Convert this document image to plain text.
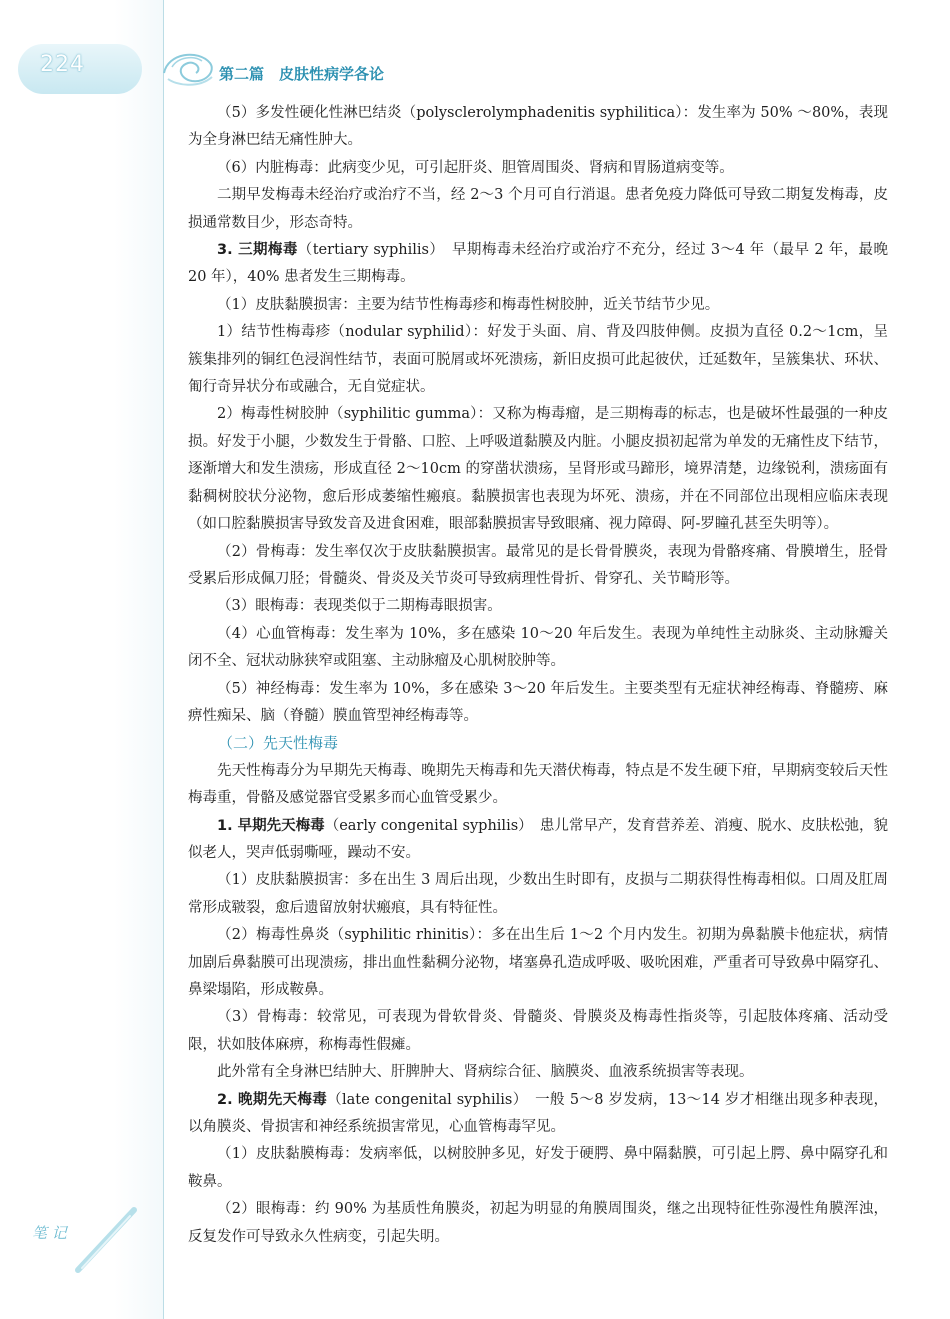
224	第二篇　皮肤性病学各论

（5）多发性硬化性淋巴结炎（polysclerolymphadenitis syphilitica）：发生率为 50% ～80%，表现为全身淋巴结无痛性肿大。

（6）内脏梅毒：此病变少见，可引起肝炎、胆管周围炎、肾病和胃肠道病变等。

二期早发梅毒未经治疗或治疗不当，经 2～3 个月可自行消退。患者免疫力降低可导致二期复发梅毒，皮损通常数目少，形态奇特。

3. 三期梅毒（tertiary syphilis）　早期梅毒未经治疗或治疗不充分，经过 3～4 年（最早 2 年，最晚 20 年），40% 患者发生三期梅毒。

（1）皮肤黏膜损害：主要为结节性梅毒疹和梅毒性树胶肿，近关节结节少见。

1）结节性梅毒疹（nodular syphilid）：好发于头面、肩、背及四肢伸侧。皮损为直径 0.2～1cm，呈簇集排列的铜红色浸润性结节，表面可脱屑或坏死溃疡，新旧皮损可此起彼伏，迁延数年，呈簇集状、环状、匍行奇异状分布或融合，无自觉症状。

2）梅毒性树胶肿（syphilitic gumma）：又称为梅毒瘤，是三期梅毒的标志，也是破坏性最强的一种皮损。好发于小腿，少数发生于骨骼、口腔、上呼吸道黏膜及内脏。小腿皮损初起常为单发的无痛性皮下结节，逐渐增大和发生溃疡，形成直径 2～10cm 的穿凿状溃疡，呈肾形或马蹄形，境界清楚，边缘锐利，溃疡面有黏稠树胶状分泌物，愈后形成萎缩性瘢痕。黏膜损害也表现为坏死、溃疡，并在不同部位出现相应临床表现（如口腔黏膜损害导致发音及进食困难，眼部黏膜损害导致眼痛、视力障碍、阿-罗瞳孔甚至失明等）。

（2）骨梅毒：发生率仅次于皮肤黏膜损害。最常见的是长骨骨膜炎，表现为骨骼疼痛、骨膜增生，胫骨受累后形成佩刀胫；骨髓炎、骨炎及关节炎可导致病理性骨折、骨穿孔、关节畸形等。

（3）眼梅毒：表现类似于二期梅毒眼损害。

（4）心血管梅毒：发生率为 10%，多在感染 10～20 年后发生。表现为单纯性主动脉炎、主动脉瓣关闭不全、冠状动脉狭窄或阻塞、主动脉瘤及心肌树胶肿等。

（5）神经梅毒：发生率为 10%，多在感染 3～20 年后发生。主要类型有无症状神经梅毒、脊髓痨、麻痹性痴呆、脑（脊髓）膜血管型神经梅毒等。

（二）先天性梅毒

先天性梅毒分为早期先天梅毒、晚期先天梅毒和先天潜伏梅毒，特点是不发生硬下疳，早期病变较后天性梅毒重，骨骼及感觉器官受累多而心血管受累少。

1. 早期先天梅毒（early congenital syphilis）　患儿常早产，发育营养差、消瘦、脱水、皮肤松弛，貌似老人，哭声低弱嘶哑，躁动不安。

（1）皮肤黏膜损害：多在出生 3 周后出现，少数出生时即有，皮损与二期获得性梅毒相似。口周及肛周常形成皲裂，愈后遗留放射状瘢痕，具有特征性。

（2）梅毒性鼻炎（syphilitic rhinitis）：多在出生后 1～2 个月内发生。初期为鼻黏膜卡他症状，病情加剧后鼻黏膜可出现溃疡，排出血性黏稠分泌物，堵塞鼻孔造成呼吸、吸吮困难，严重者可导致鼻中隔穿孔、鼻梁塌陷，形成鞍鼻。

（3）骨梅毒：较常见，可表现为骨软骨炎、骨髓炎、骨膜炎及梅毒性指炎等，引起肢体疼痛、活动受限，状如肢体麻痹，称梅毒性假瘫。

此外常有全身淋巴结肿大、肝脾肿大、肾病综合征、脑膜炎、血液系统损害等表现。

2. 晚期先天梅毒（late congenital syphilis）　一般 5～8 岁发病，13～14 岁才相继出现多种表现，以角膜炎、骨损害和神经系统损害常见，心血管梅毒罕见。

（1）皮肤黏膜梅毒：发病率低，以树胶肿多见，好发于硬腭、鼻中隔黏膜，可引起上腭、鼻中隔穿孔和鞍鼻。

（2）眼梅毒：约 90% 为基质性角膜炎，初起为明显的角膜周围炎，继之出现特征性弥漫性角膜浑浊，反复发作可导致永久性病变，引起失明。

笔 记
